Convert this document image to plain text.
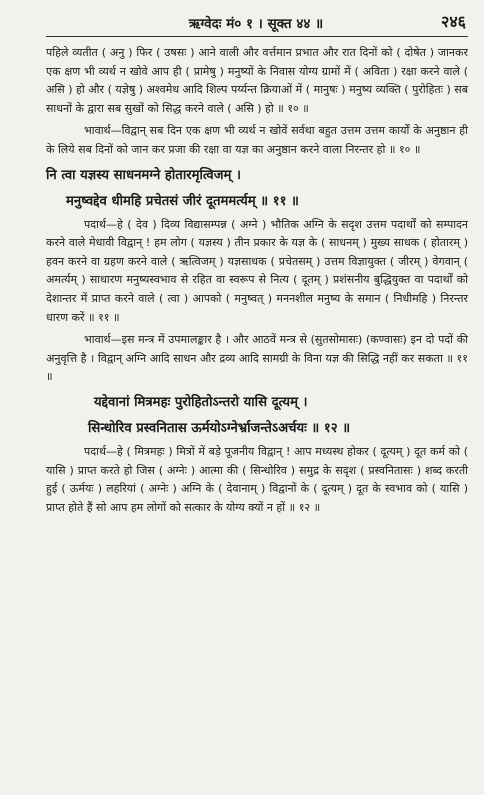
ऋग्वेदः मं० १ । सूक्त ४४ ॥	२४६

पहिले व्यतीत ( अनु ) फिर ( उषसः ) आने वाली और वर्त्तमान प्रभात और रात दिनों को ( दोषेत ) जानकर एक क्षण भी व्यर्थ न खोवे आप ही ( प्रामेषु ) मनुष्यों के निवास योग्य ग्रामों में ( अविता ) रक्षा करने वाले ( असि ) हो और ( यज्ञेषु ) अश्वमेध आदि शिल्प पर्य्यन्त क्रियाओं में ( मानुषः ) मनुष्य व्यक्ति ( पुरोहितः ) सब साधनों के द्वारा सब सुखों को सिद्ध करने वाले ( असि ) हो ॥ १० ॥

भावार्थ—विद्वान् सब दिन एक क्षण भी व्यर्थ न खोवें सर्वथा बहुत उत्तम उत्तम कार्यों के अनुष्ठान ही के लिये सब दिनों को जान कर प्रजा की रक्षा वा यज्ञ का अनुष्ठान करने वाला निरन्तर हो ॥ १० ॥

नि त्वा यज्ञस्य साधनमग्ने होतारमृत्विजम् ।
मनुष्वद्देव धीमहि प्रचेतसं जीरं दूतममर्त्यम् ॥ ११ ॥

पदार्थ—हे ( देव ) दिव्य विद्यासम्पन्न ( अग्ने ) भौतिक अग्नि के सदृश उत्तम पदार्थों को सम्पादन करने वाले मेधावी विद्वान् ! हम लोग ( यज्ञस्य ) तीन प्रकार के यज्ञ के ( साधनम् ) मुख्य साधक ( होतारम् ) हवन करने वा ग्रहण करने वाले ( ऋत्विजम् ) यज्ञसाधक ( प्रचेतसम् ) उत्तम विज्ञायुक्त ( जीरम् ) वेगवान् ( अमर्त्यम् ) साधारण मनुष्यस्वभाव से रहित वा स्वरूप से नित्य ( दूतम् ) प्रशंसनीय बुद्धियुक्त वा पदार्थों को देशान्तर में प्राप्त करने वाले ( त्वा ) आपको ( मनुष्वत् ) मननशील मनुष्य के समान ( निधीमहि ) निरन्तर धारण करें ॥ ११ ॥

भावार्थ—इस मन्त्र में उपमालङ्कार है । और आठवें मन्त्र से (सुतसोमासः) (कण्वासः) इन दो पदों की अनुवृत्ति है । विद्वान् अग्नि आदि साधन और द्रव्य आदि सामग्री के विना यज्ञ की सिद्धि नहीं कर सकता ॥ ११ ॥

यद्देवानां मित्रमहः पुरोहितोऽन्तरो यासि दूत्यम् ।
सिन्धोरिव प्रस्वनितास ऊर्मयोऽग्नेर्भ्राजन्तेऽअर्चयः ॥ १२ ॥

पदार्थ—हे ( मित्रमहः ) मित्रों में बड़े पूजनीय विद्वान् ! आप मध्यस्थ होकर ( दूत्यम् ) दूत कर्म को ( यासि ) प्राप्त करते हो जिस ( अग्नेः ) आत्मा की ( सिन्धोरिव ) समुद्र के सदृश ( प्रस्वनितासः ) शब्द करती हुई ( ऊर्मयः ) लहरियां ( अग्नेः ) अग्नि के ( देवानाम् ) विद्वानों के ( दूत्यम् ) दूत के स्वभाव को ( यासि ) प्राप्त होते हैं सो आप हम लोगों को सत्कार के योग्य क्यों न हों ॥ १२ ॥
